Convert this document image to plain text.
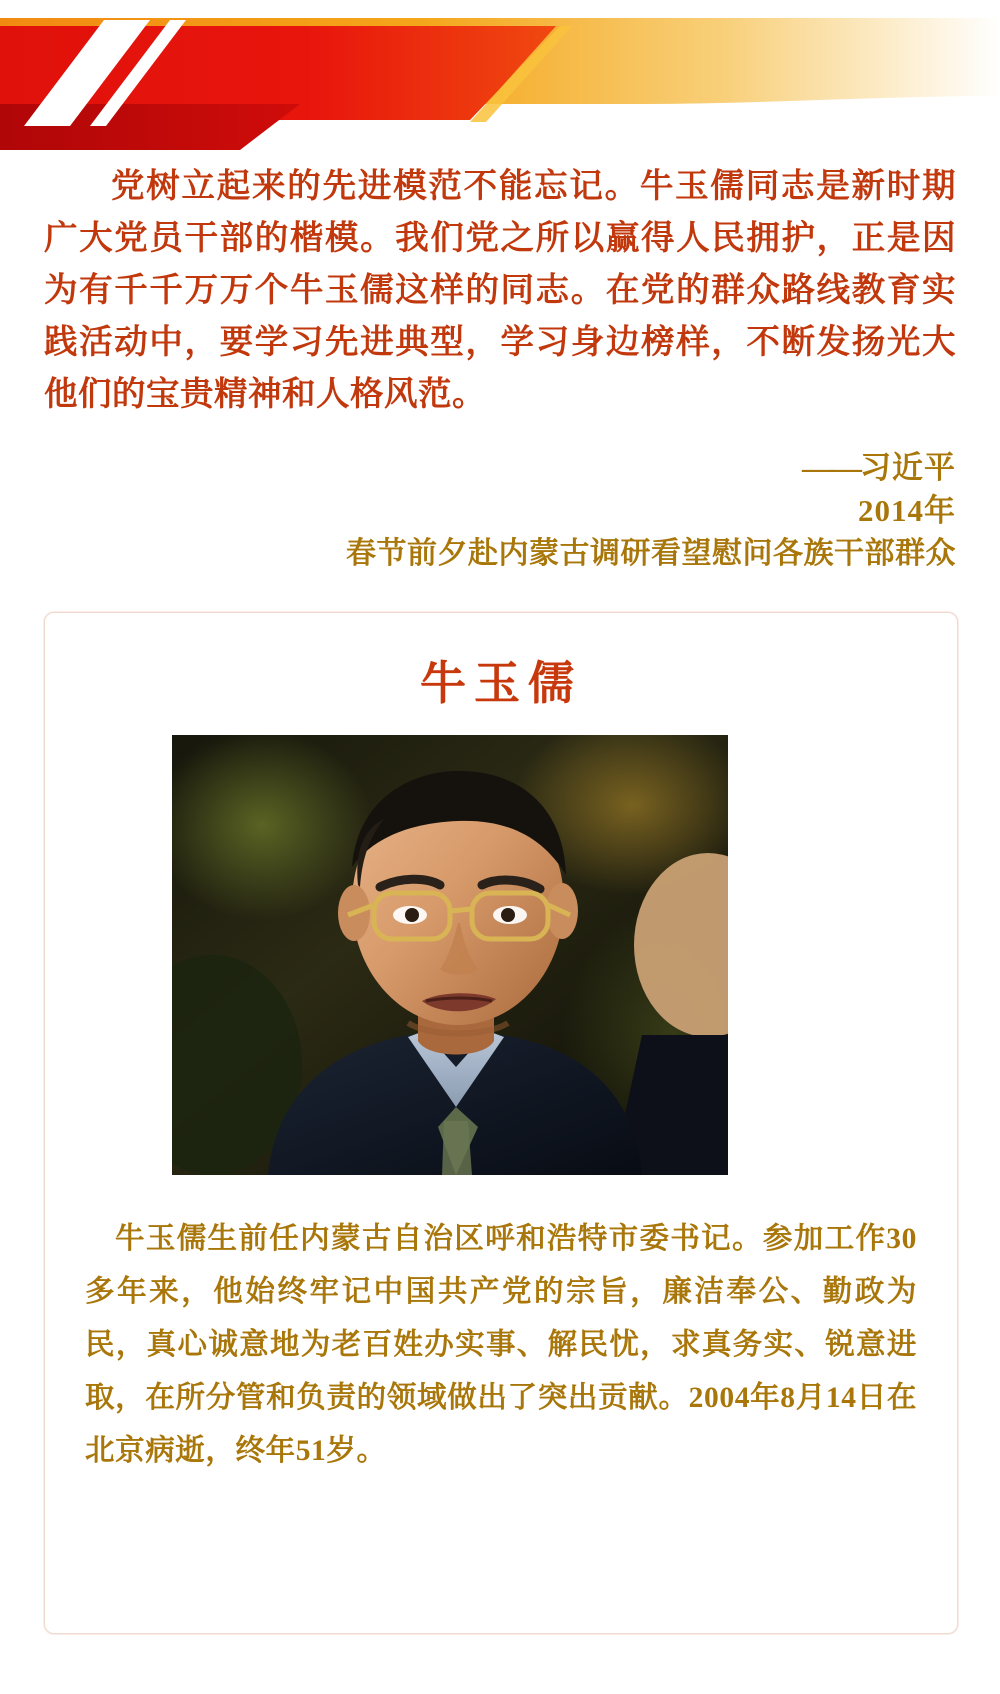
党树立起来的先进模范不能忘记。牛玉儒同志是新时期广大党员干部的楷模。我们党之所以赢得人民拥护，正是因为有千千万万个牛玉儒这样的同志。在党的群众路线教育实践活动中，要学习先进典型，学习身边榜样，不断发扬光大他们的宝贵精神和人格风范。
—— 习近平
2014年
春节前夕赴内蒙古调研看望慰问各族干部群众
牛玉儒
牛玉儒生前任内蒙古自治区呼和浩特市委书记。参加工作30多年来，他始终牢记中国共产党的宗旨，廉洁奉公、勤政为民，真心诚意地为老百姓办实事、解民忧，求真务实、锐意进取，在所分管和负责的领域做出了突出贡献。2004年8月14日在北京病逝，终年51岁。
